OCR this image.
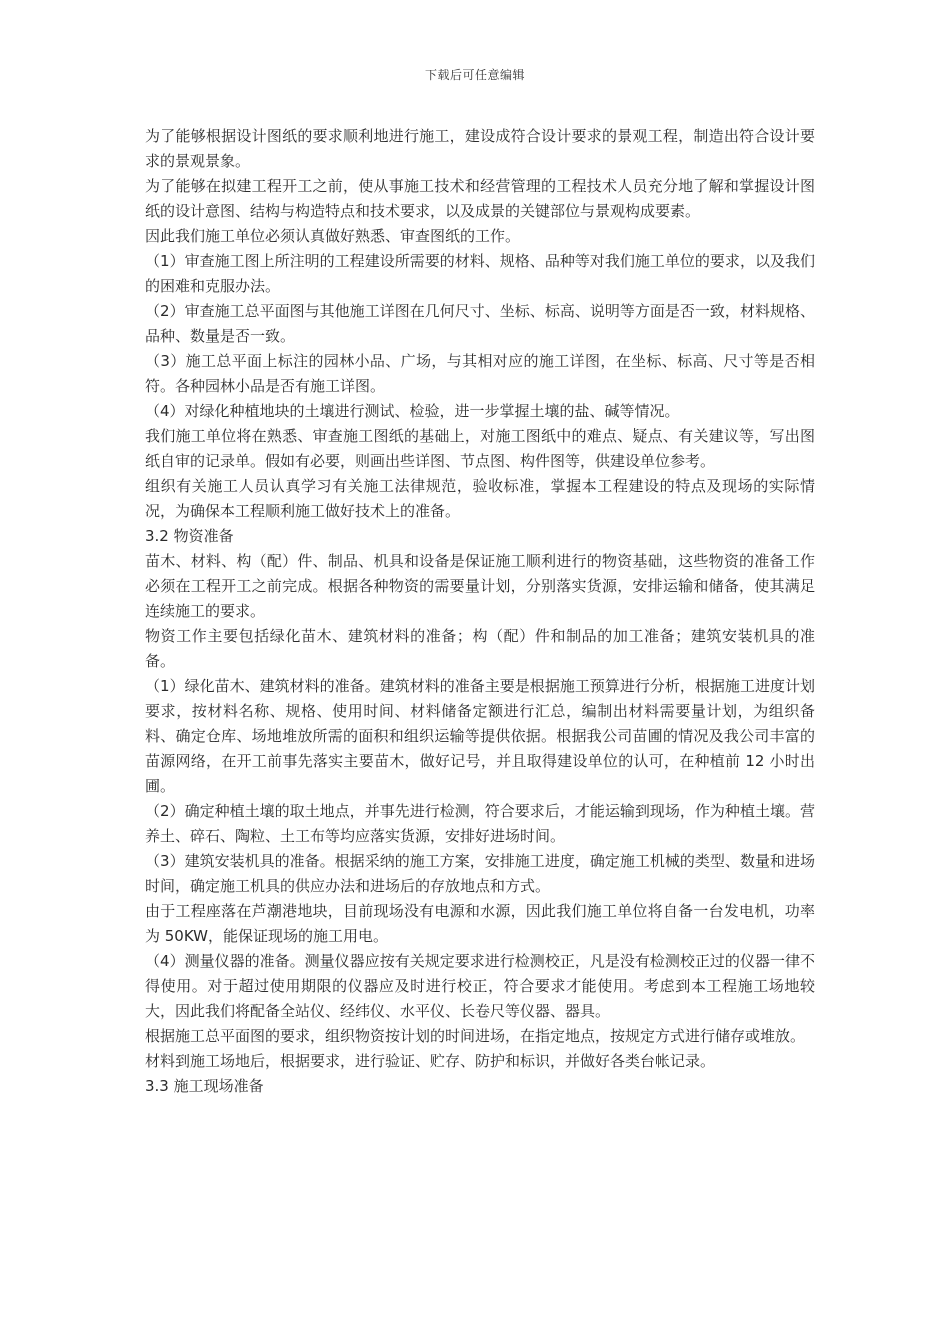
下载后可任意编辑

为了能够根据设计图纸的要求顺利地进行施工，建设成符合设计要求的景观工程，制造出符合设计要求的景观景象。

为了能够在拟建工程开工之前，使从事施工技术和经营管理的工程技术人员充分地了解和掌握设计图纸的设计意图、结构与构造特点和技术要求，以及成景的关键部位与景观构成要素。

因此我们施工单位必须认真做好熟悉、审查图纸的工作。

（1）审查施工图上所注明的工程建设所需要的材料、规格、品种等对我们施工单位的要求，以及我们的困难和克服办法。

（2）审查施工总平面图与其他施工详图在几何尺寸、坐标、标高、说明等方面是否一致，材料规格、品种、数量是否一致。

（3）施工总平面上标注的园林小品、广场，与其相对应的施工详图，在坐标、标高、尺寸等是否相符。各种园林小品是否有施工详图。

（4）对绿化种植地块的土壤进行测试、检验，进一步掌握土壤的盐、碱等情况。

我们施工单位将在熟悉、审查施工图纸的基础上，对施工图纸中的难点、疑点、有关建议等，写出图纸自审的记录单。假如有必要，则画出些详图、节点图、构件图等，供建设单位参考。

组织有关施工人员认真学习有关施工法律规范，验收标准，掌握本工程建设的特点及现场的实际情况，为确保本工程顺利施工做好技术上的准备。

3.2 物资准备

苗木、材料、构（配）件、制品、机具和设备是保证施工顺利进行的物资基础，这些物资的准备工作必须在工程开工之前完成。根据各种物资的需要量计划，分别落实货源，安排运输和储备，使其满足连续施工的要求。

物资工作主要包括绿化苗木、建筑材料的准备；构（配）件和制品的加工准备；建筑安装机具的准备。

（1）绿化苗木、建筑材料的准备。建筑材料的准备主要是根据施工预算进行分析，根据施工进度计划要求，按材料名称、规格、使用时间、材料储备定额进行汇总，编制出材料需要量计划，为组织备料、确定仓库、场地堆放所需的面积和组织运输等提供依据。根据我公司苗圃的情况及我公司丰富的苗源网络，在开工前事先落实主要苗木，做好记号，并且取得建设单位的认可，在种植前 12 小时出圃。

（2）确定种植土壤的取土地点，并事先进行检测，符合要求后，才能运输到现场，作为种植土壤。营养土、碎石、陶粒、土工布等均应落实货源，安排好进场时间。

（3）建筑安装机具的准备。根据采纳的施工方案，安排施工进度，确定施工机械的类型、数量和进场时间，确定施工机具的供应办法和进场后的存放地点和方式。

由于工程座落在芦潮港地块，目前现场没有电源和水源，因此我们施工单位将自备一台发电机，功率为 50KW，能保证现场的施工用电。

（4）测量仪器的准备。测量仪器应按有关规定要求进行检测校正，凡是没有检测校正过的仪器一律不得使用。对于超过使用期限的仪器应及时进行校正，符合要求才能使用。考虑到本工程施工场地较大，因此我们将配备全站仪、经纬仪、水平仪、长卷尺等仪器、器具。

根据施工总平面图的要求，组织物资按计划的时间进场，在指定地点，按规定方式进行储存或堆放。

材料到施工场地后，根据要求，进行验证、贮存、防护和标识，并做好各类台帐记录。

3.3 施工现场准备
